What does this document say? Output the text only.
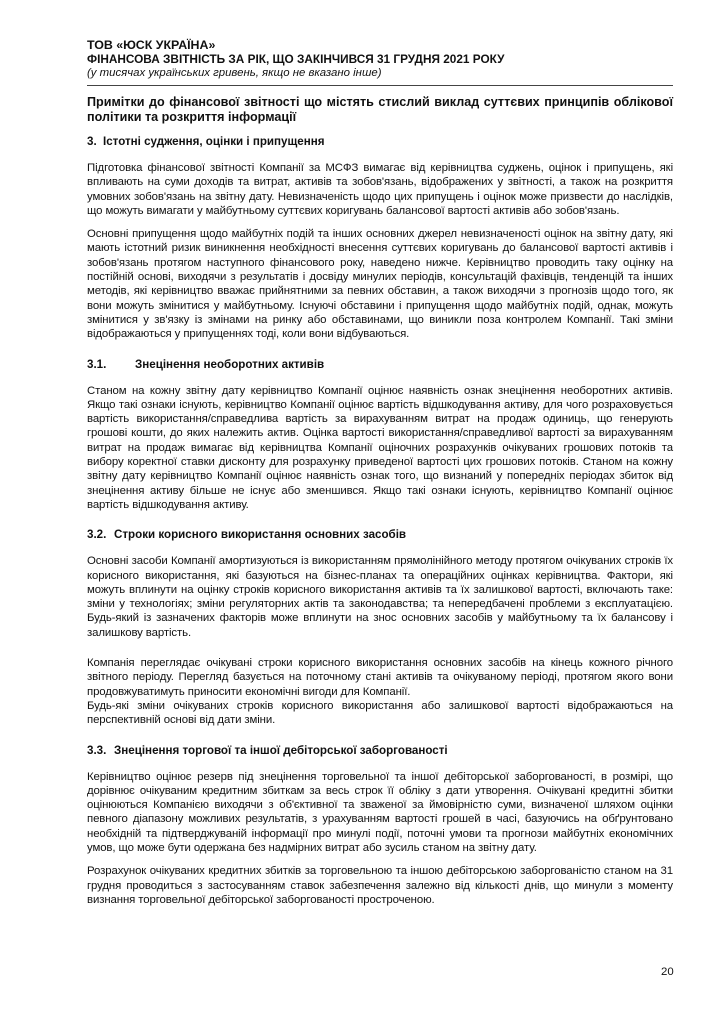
ТОВ «ЮСК УКРАЇНА»

ФІНАНСОВА ЗВІТНІСТЬ ЗА РІК, ЩО ЗАКІНЧИВСЯ 31 ГРУДНЯ 2021 РОКУ

(у тисячах українських гривень, якщо не вказано інше)

Примітки до фінансової звітності що містять стислий виклад суттєвих принципів облікової політики та розкриття інформації

3. Істотні судження, оцінки і припущення

Підготовка фінансової звітності Компанії за МСФЗ вимагає від керівництва суджень, оцінок і припущень, які впливають на суми доходів та витрат, активів та зобов'язань, відображених у звітності, а також на розкриття умовних зобов'язань на звітну дату. Невизначеність щодо цих припущень і оцінок може призвести до наслідків, що можуть вимагати у майбутньому суттєвих коригувань балансової вартості активів або зобов'язань.

Основні припущення щодо майбутніх подій та інших основних джерел невизначеності оцінок на звітну дату, які мають істотний ризик виникнення необхідності внесення суттєвих коригувань до балансової вартості активів і зобов'язань протягом наступного фінансового року, наведено нижче. Керівництво проводить таку оцінку на постійній основі, виходячи з результатів і досвіду минулих періодів, консультацій фахівців, тенденцій та інших методів, які керівництво вважає прийнятними за певних обставин, а також виходячи з прогнозів щодо того, як вони можуть змінитися у майбутньому. Існуючі обставини і припущення щодо майбутніх подій, однак, можуть змінитися у зв'язку із змінами на ринку або обставинами, що виникли поза контролем Компанії. Такі зміни відображаються у припущеннях тоді, коли вони відбуваються.

3.1. Знецінення необоротних активів

Станом на кожну звітну дату керівництво Компанії оцінює наявність ознак знецінення необоротних активів. Якщо такі ознаки існують, керівництво Компанії оцінює вартість відшкодування активу, для чого розраховується вартість використання/справедлива вартість за вирахуванням витрат на продаж одиниць, що генерують грошові кошти, до яких належить актив. Оцінка вартості використання/справедливої вартості за вирахуванням витрат на продаж вимагає від керівництва Компанії оціночних розрахунків очікуваних грошових потоків та вибору коректної ставки дисконту для розрахунку приведеної вартості цих грошових потоків. Станом на кожну звітну дату керівництво Компанії оцінює наявність ознак того, що визнаний у попередніх періодах збиток від знецінення активу більше не існує або зменшився. Якщо такі ознаки існують, керівництво Компанії оцінює вартість відшкодування активу.

3.2. Строки корисного використання основних засобів

Основні засоби Компанії амортизуються із використанням прямолінійного методу протягом очікуваних строків їх корисного використання, які базуються на бізнес-планах та операційних оцінках керівництва. Фактори, які можуть вплинути на оцінку строків корисного використання активів та їх залишкової вартості, включають таке: зміни у технологіях; зміни регуляторних актів та законодавства; та непередбачені проблеми з експлуатацією. Будь-який із зазначених факторів може вплинути на знос основних засобів у майбутньому та їх балансову і залишкову вартість.

Компанія переглядає очікувані строки корисного використання основних засобів на кінець кожного річного звітного періоду. Перегляд базується на поточному стані активів та очікуваному періоді, протягом якого вони продовжуватимуть приносити економічні вигоди для Компанії.

Будь-які зміни очікуваних строків корисного використання або залишкової вартості відображаються на перспективній основі від дати зміни.

3.3. Знецінення торгової та іншої дебіторської заборгованості

Керівництво оцінює резерв під знецінення торговельної та іншої дебіторської заборгованості, в розмірі, що дорівнює очікуваним кредитним збиткам за весь строк її обліку з дати утворення. Очікувані кредитні збитки оцінюються Компанією виходячи з об'єктивної та зваженої за ймовірністю суми, визначеної шляхом оцінки певного діапазону можливих результатів, з урахуванням вартості грошей в часі, базуючись на обґрунтовано необхідній та підтверджуваній інформації про минулі події, поточні умови та прогнози майбутніх економічних умов, що може бути одержана без надмірних витрат або зусиль станом на звітну дату.

Розрахунок очікуваних кредитних збитків за торговельною та іншою дебіторською заборгованістю станом на 31 грудня проводиться з застосуванням ставок забезпечення залежно від кількості днів, що минули з моменту визнання торговельної дебіторської заборгованості простроченою.

20
